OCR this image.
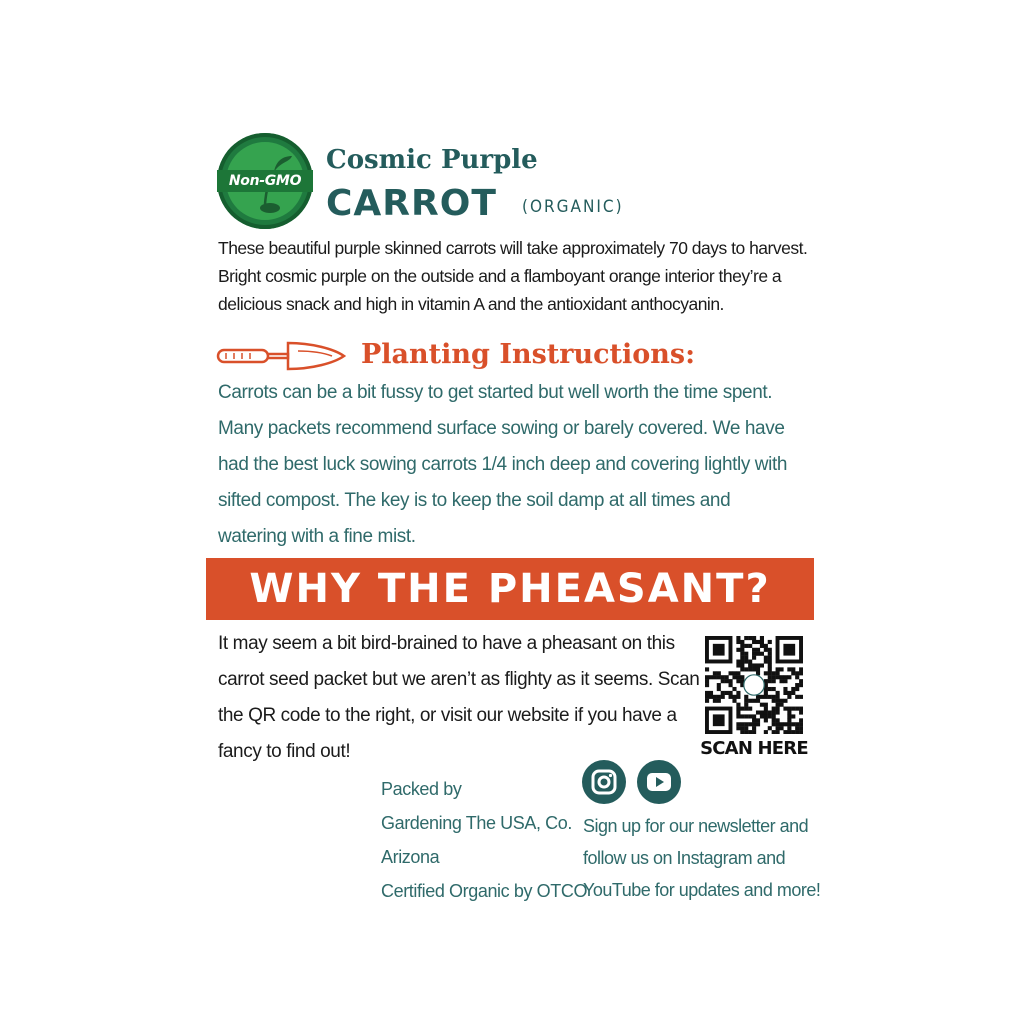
Non-GMO
Cosmic Purple
CARROT (ORGANIC)
These beautiful purple skinned carrots will take approximately 70 days to harvest.
Bright cosmic purple on the outside and a flamboyant orange interior they’re a
delicious snack and high in vitamin A and the antioxidant anthocyanin.
Planting Instructions:
Carrots can be a bit fussy to get started but well worth the time spent.
Many packets recommend surface sowing or barely covered. We have
had the best luck sowing carrots 1/4 inch deep and covering lightly with
sifted compost. The key is to keep the soil damp at all times and
watering with a fine mist.
WHY THE PHEASANT?
It may seem a bit bird-brained to have a pheasant on this
carrot seed packet but we aren’t as flighty as it seems. Scan
the QR code to the right, or visit our website if you have a
fancy to find out!	SCAN HERE
Packed by
Gardening The USA, Co.
Arizona
Certified Organic by OTCO
Sign up for our newsletter and
follow us on Instagram and
YouTube for updates and more!
